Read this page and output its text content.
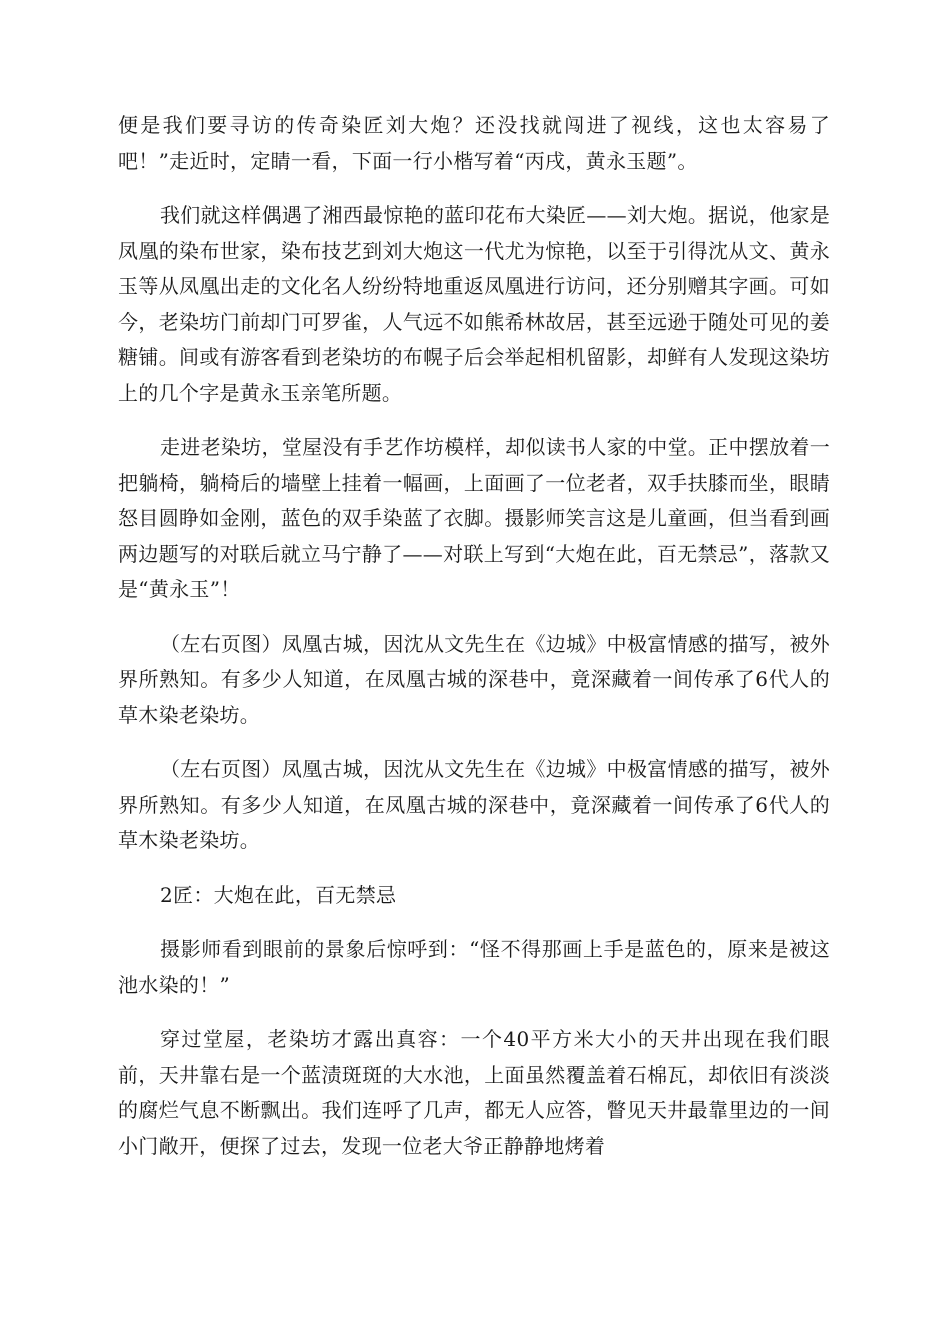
便是我们要寻访的传奇染匠刘大炮？还没找就闯进了视线，这也太容易了吧！”走近时，定睛一看，下面一行小楷写着“丙戌，黄永玉题”。

我们就这样偶遇了湘西最惊艳的蓝印花布大染匠——刘大炮。据说，他家是凤凰的染布世家，染布技艺到刘大炮这一代尤为惊艳，以至于引得沈从文、黄永玉等从凤凰出走的文化名人纷纷特地重返凤凰进行访问，还分别赠其字画。可如今，老染坊门前却门可罗雀，人气远不如熊希林故居，甚至远逊于随处可见的姜糖铺。间或有游客看到老染坊的布幌子后会举起相机留影，却鲜有人发现这染坊上的几个字是黄永玉亲笔所题。

走进老染坊，堂屋没有手艺作坊模样，却似读书人家的中堂。正中摆放着一把躺椅，躺椅后的墙壁上挂着一幅画，上面画了一位老者，双手扶膝而坐，眼睛怒目圆睁如金刚，蓝色的双手染蓝了衣脚。摄影师笑言这是儿童画，但当看到画两边题写的对联后就立马宁静了——对联上写到“大炮在此，百无禁忌”，落款又是“黄永玉”！

（左右页图）凤凰古城，因沈从文先生在《边城》中极富情感的描写，被外界所熟知。有多少人知道，在凤凰古城的深巷中，竟深藏着一间传承了6代人的草木染老染坊。

（左右页图）凤凰古城，因沈从文先生在《边城》中极富情感的描写，被外界所熟知。有多少人知道，在凤凰古城的深巷中，竟深藏着一间传承了6代人的草木染老染坊。

2匠：大炮在此，百无禁忌

摄影师看到眼前的景象后惊呼到：“怪不得那画上手是蓝色的，原来是被这池水染的！”

穿过堂屋，老染坊才露出真容：一个40平方米大小的天井出现在我们眼前，天井靠右是一个蓝渍斑斑的大水池，上面虽然覆盖着石棉瓦，却依旧有淡淡的腐烂气息不断飘出。我们连呼了几声，都无人应答，瞥见天井最靠里边的一间小门敞开，便探了过去，发现一位老大爷正静静地烤着
